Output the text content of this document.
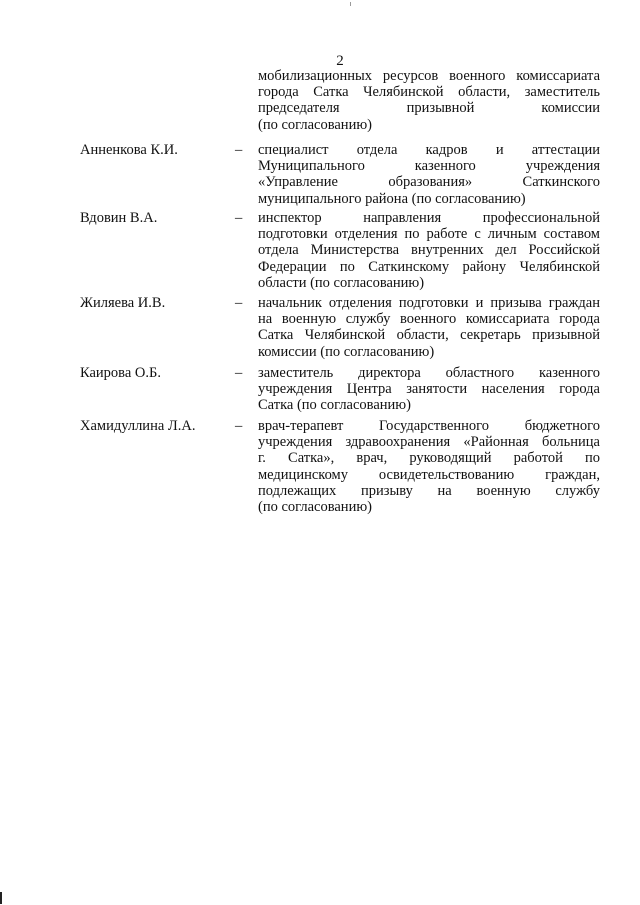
2
мобилизационных ресурсов военного комиссариата
города Сатка Челябинской области, заместитель
председателя призывной комиссии
(по согласованию)
Анненкова К.И.	– специалист отдела кадров и аттестации
Муниципального казенного учреждения
«Управление образования» Саткинского
муниципального района (по согласованию)
Вдовин В.А.	– инспектор направления профессиональной
подготовки отделения по работе с личным составом
отдела Министерства внутренних дел Российской
Федерации по Саткинскому району Челябинской
области (по согласованию)
Жиляева И.В.	– начальник отделения подготовки и призыва граждан
на военную службу военного комиссариата города
Сатка Челябинской области, секретарь призывной
комиссии (по согласованию)
Каирова О.Б.	– заместитель директора областного казенного
учреждения Центра занятости населения города
Сатка (по согласованию)
Хамидуллина Л.А.	– врач-терапевт Государственного бюджетного
учреждения здравоохранения «Районная больница
г. Сатка», врач, руководящий работой по
медицинскому освидетельствованию граждан,
подлежащих призыву на военную службу
(по согласованию)
